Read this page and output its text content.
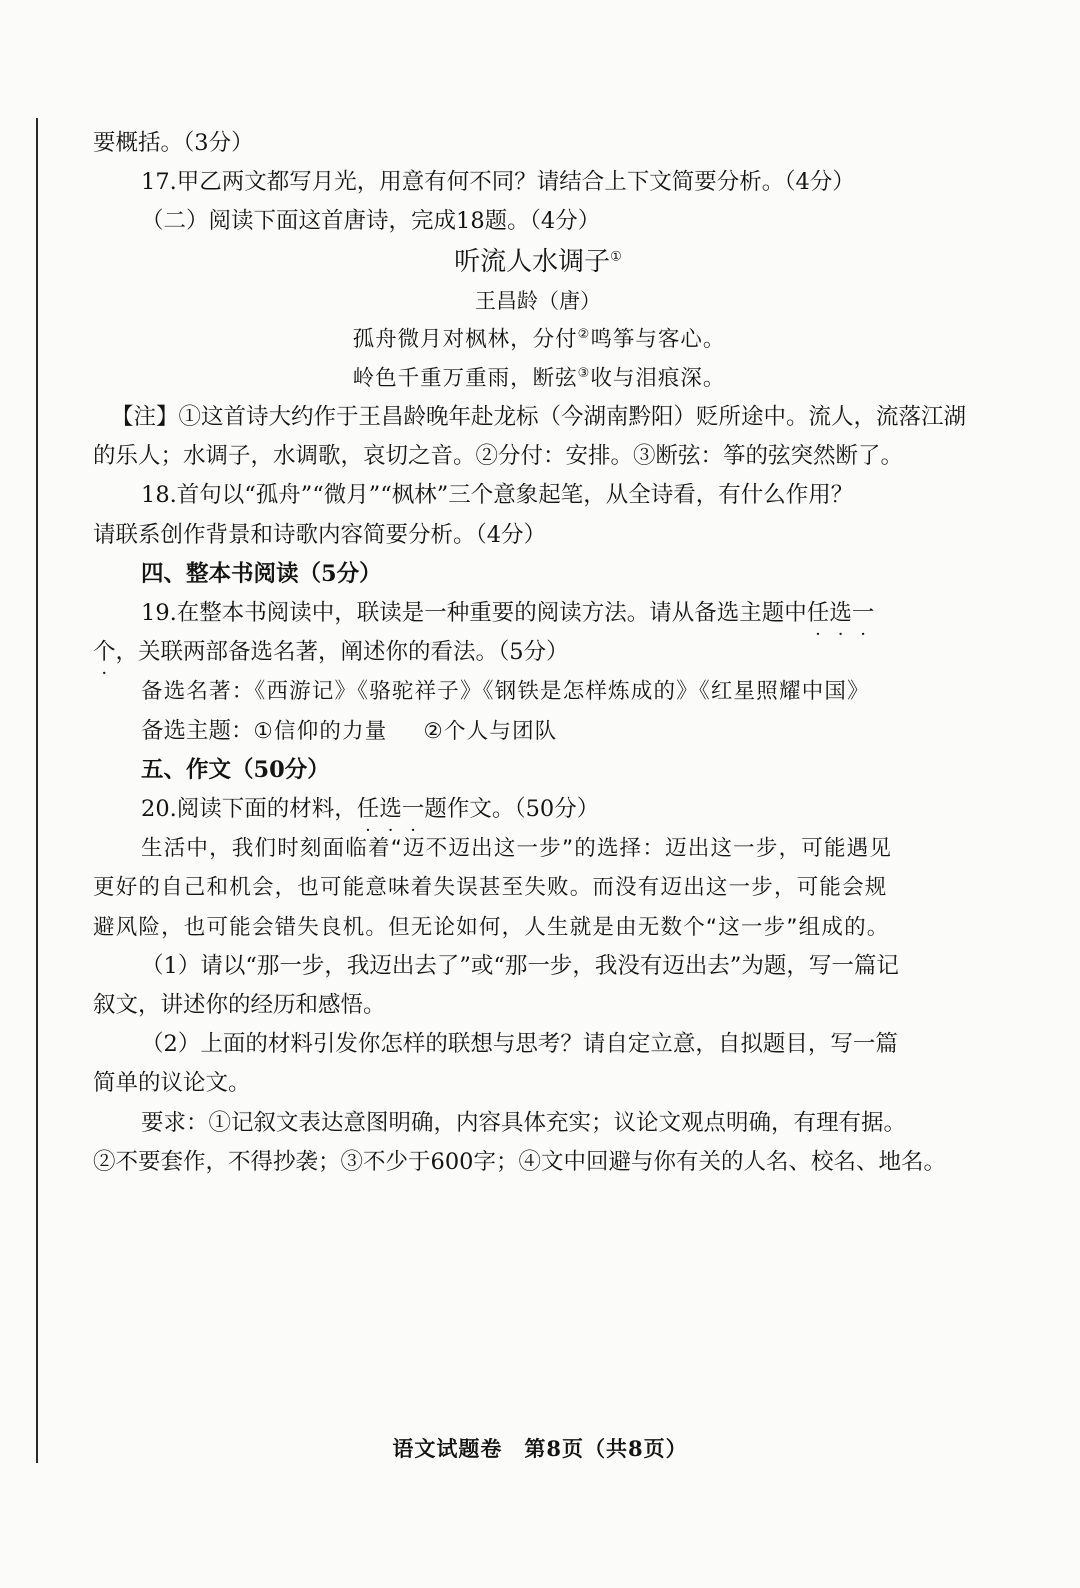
要概括。（3分）
17.甲乙两文都写月光，用意有何不同？请结合上下文简要分析。（4分）
（二）阅读下面这首唐诗，完成18题。（4分）
听流人水调子①
王昌龄（唐）
孤舟微月对枫林，分付②鸣筝与客心。
岭色千重万重雨，断弦③收与泪痕深。
【注】①这首诗大约作于王昌龄晚年赴龙标（今湖南黔阳）贬所途中。流人，流落江湖
的乐人；水调子，水调歌，哀切之音。②分付：安排。③断弦：筝的弦突然断了。
18.首句以“孤舟”“微月”“枫林”三个意象起笔，从全诗看，有什么作用？
请联系创作背景和诗歌内容简要分析。（4分）
四、整本书阅读（5分）
19.在整本书阅读中，联读是一种重要的阅读方法。请从备选主题中任选一
个，关联两部备选名著，阐述你的看法。（5分）
备选名著：《西游记》《骆驼祥子》《钢铁是怎样炼成的》《红星照耀中国》
备选主题：①信仰的力量 ②个人与团队
五、作文（50分）
20.阅读下面的材料，任选一题作文。（50分）
生活中，我们时刻面临着“迈不迈出这一步”的选择：迈出这一步，可能遇见
更好的自己和机会，也可能意味着失误甚至失败。而没有迈出这一步，可能会规
避风险，也可能会错失良机。但无论如何，人生就是由无数个“这一步”组成的。
（1）请以“那一步，我迈出去了”或“那一步，我没有迈出去”为题，写一篇记
叙文，讲述你的经历和感悟。
（2）上面的材料引发你怎样的联想与思考？请自定立意，自拟题目，写一篇
简单的议论文。
要求：①记叙文表达意图明确，内容具体充实；议论文观点明确，有理有据。
②不要套作，不得抄袭；③不少于600字；④文中回避与你有关的人名、校名、地名。
语文试题卷　第8页（共8页）
